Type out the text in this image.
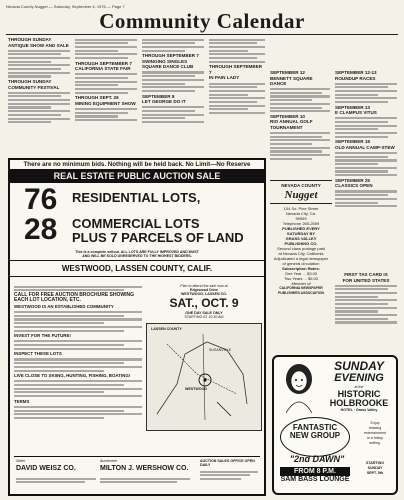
Nevada County Nugget — Saturday, September 4, 1976 — Page 7
Community Calendar
THROUGH SUNDAY
ANTIQUE SHOW AND SALE
THROUGH SUNDAY
COMMUNITY FESTIVAL
THROUGH SEPTEMBER 7
CALIFORNIA STATE FAIR
THROUGH SEPT. 26
MINING EQUIPMENT SHOW
THROUGH SEPTEMBER 7
SWINGING SINGLES SQUARE DANCE CLUB
SEPTEMBER 8
LET GEORGE DO IT
THROUGH SEPTEMBER 7
IN PAIN LADY
SEPTEMBER 12
BENNETT SQUARE DANCE
SEPTEMBER 10
RIO ANNUAL GOLF TOURNAMENT
SEPTEMBER 12-13
ROUNDUP RACES
SEPTEMBER 13
E CLAMPUS VITUS
SEPTEMBER 18
OLD ANNUAL CAMP-STEW
SEPTEMBER 25
CLASSICS OPEN
NEVADA COUNTY
Nugget
104 So. Pine Street
Nevada City, Ca.
95959
Telephone 265-2559
PUBLISHED EVERY
SATURDAY BY
GRASS VALLEY
PUBLISHING CO.
Second class postage paid
at Nevada City, California
Adjudicated a legal newspaper
of general circulation
Subscription Rates:
One Year ... $3.00
Two Years ... $5.00
Member of
CALIFORNIA NEWSPAPER PUBLISHERS ASSOCIATION
FIRST TAX CARD IS
FOR UNITED STATES
There are no minimum bids. Nothing will be held back. No Limit—No Reserve
REAL ESTATE PUBLIC AUCTION SALE
76 RESIDENTIAL LOTS,
28 COMMERCIAL LOTS
PLUS 7 PARCELS OF LAND
This is a complete sellout. ALL LOTS ARE FULLY IMPROVED AND MUST
AND WILL BE SOLD UNRESERVED TO THE HIGHEST BIDDERS.
WESTWOOD, LASSEN COUNTY, CALIF.
CALL FOR FREE AUCTION BROCHURE SHOWING EACH LOT LOCATION, ETC.
WESTWOOD IS AN ESTABLISHED COMMUNITY
INVEST FOR THE FUTURE!
INSPECT THESE LOTS
LIVE CLOSE TO SKIING, HUNTING, FISHING, BOATING!
TERMS
Plan to attend the sale now at
Edgewood Drive
WESTWOOD, LASSEN CO.
SAT., OCT. 9
ONE DAY SALE ONLY
STARTING AT 10:30 AM
LASSEN COUNTY
WESTWOOD
SUSANVILLE
Seller
DAVID WEISZ CO.
Auctioneer
MILTON J. WERSHOW CO.
AUCTION SALES OFFICE OPEN DAILY
SUNDAY
EVENING
at the
HISTORIC
HOLBROOKE
HOTEL · Grass Valley
FANTASTIC
NEW GROUP
"2nd DAWN"
FROM 8 P.M.
SAM BASS LOUNGE
Enjoy
relaxing
entertainment
in a folksy
setting.
STARTING
SUNDAY
SEPT. 5th
